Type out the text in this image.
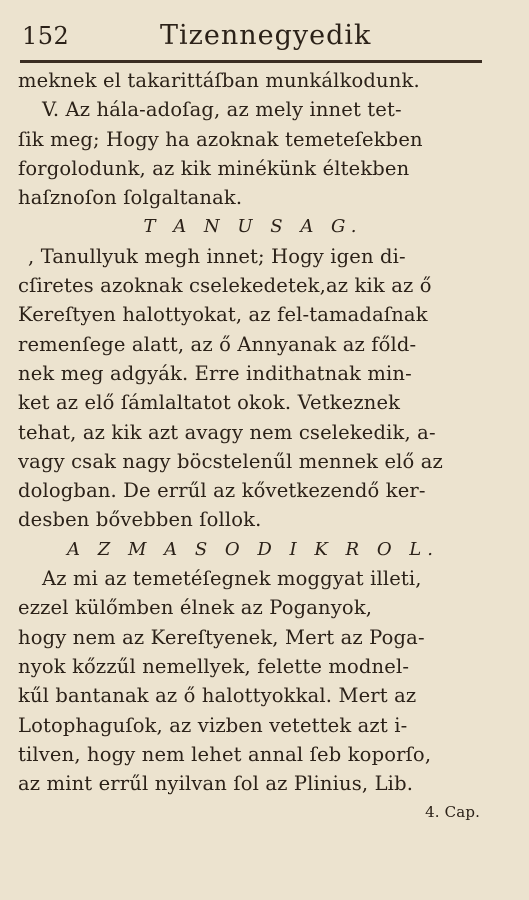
152	Tizennegyedik
meknek el takarittáſban munkálkodunk.
V. Az hála-adoſag, az mely innet tet-
ſik meg; Hogy ha azoknak temeteſekben
forgolodunk, az kik minékünk éltekben
haſznoſon ſolgaltanak.
T A N U S A G.
, Tanullyuk megh innet; Hogy igen di-
cſiretes azoknak cselekedetek,az kik az ő
Kereſtyen halottyokat, az fel-tamadaſnak
remenſege alatt, az ő Annyanak az főld-
nek meg adgyák. Erre indithatnak min-
ket az elő ſámlaltatot okok. Vetkeznek
tehat, az kik azt avagy nem cselekedik, a-
vagy csak nagy böcstelenűl mennek elő az
dologban. De errűl az kővetkezendő ker-
desben bővebben ſollok.
A Z M A S O D I K R O L.
Az mi az temetéſegnek moggyat illeti,
ezzel külőmben élnek az Poganyok,
hogy nem az Kereſtyenek, Mert az Poga-
nyok kőzzűl nemellyek, felette modnel-
kűl bantanak az ő halottyokkal. Mert az
Lotophaguſok, az vizben vetettek azt i-
tilven, hogy nem lehet annal ſeb koporſo,
az mint errűl nyilvan ſol az Plinius, Lib.
4. Cap.
